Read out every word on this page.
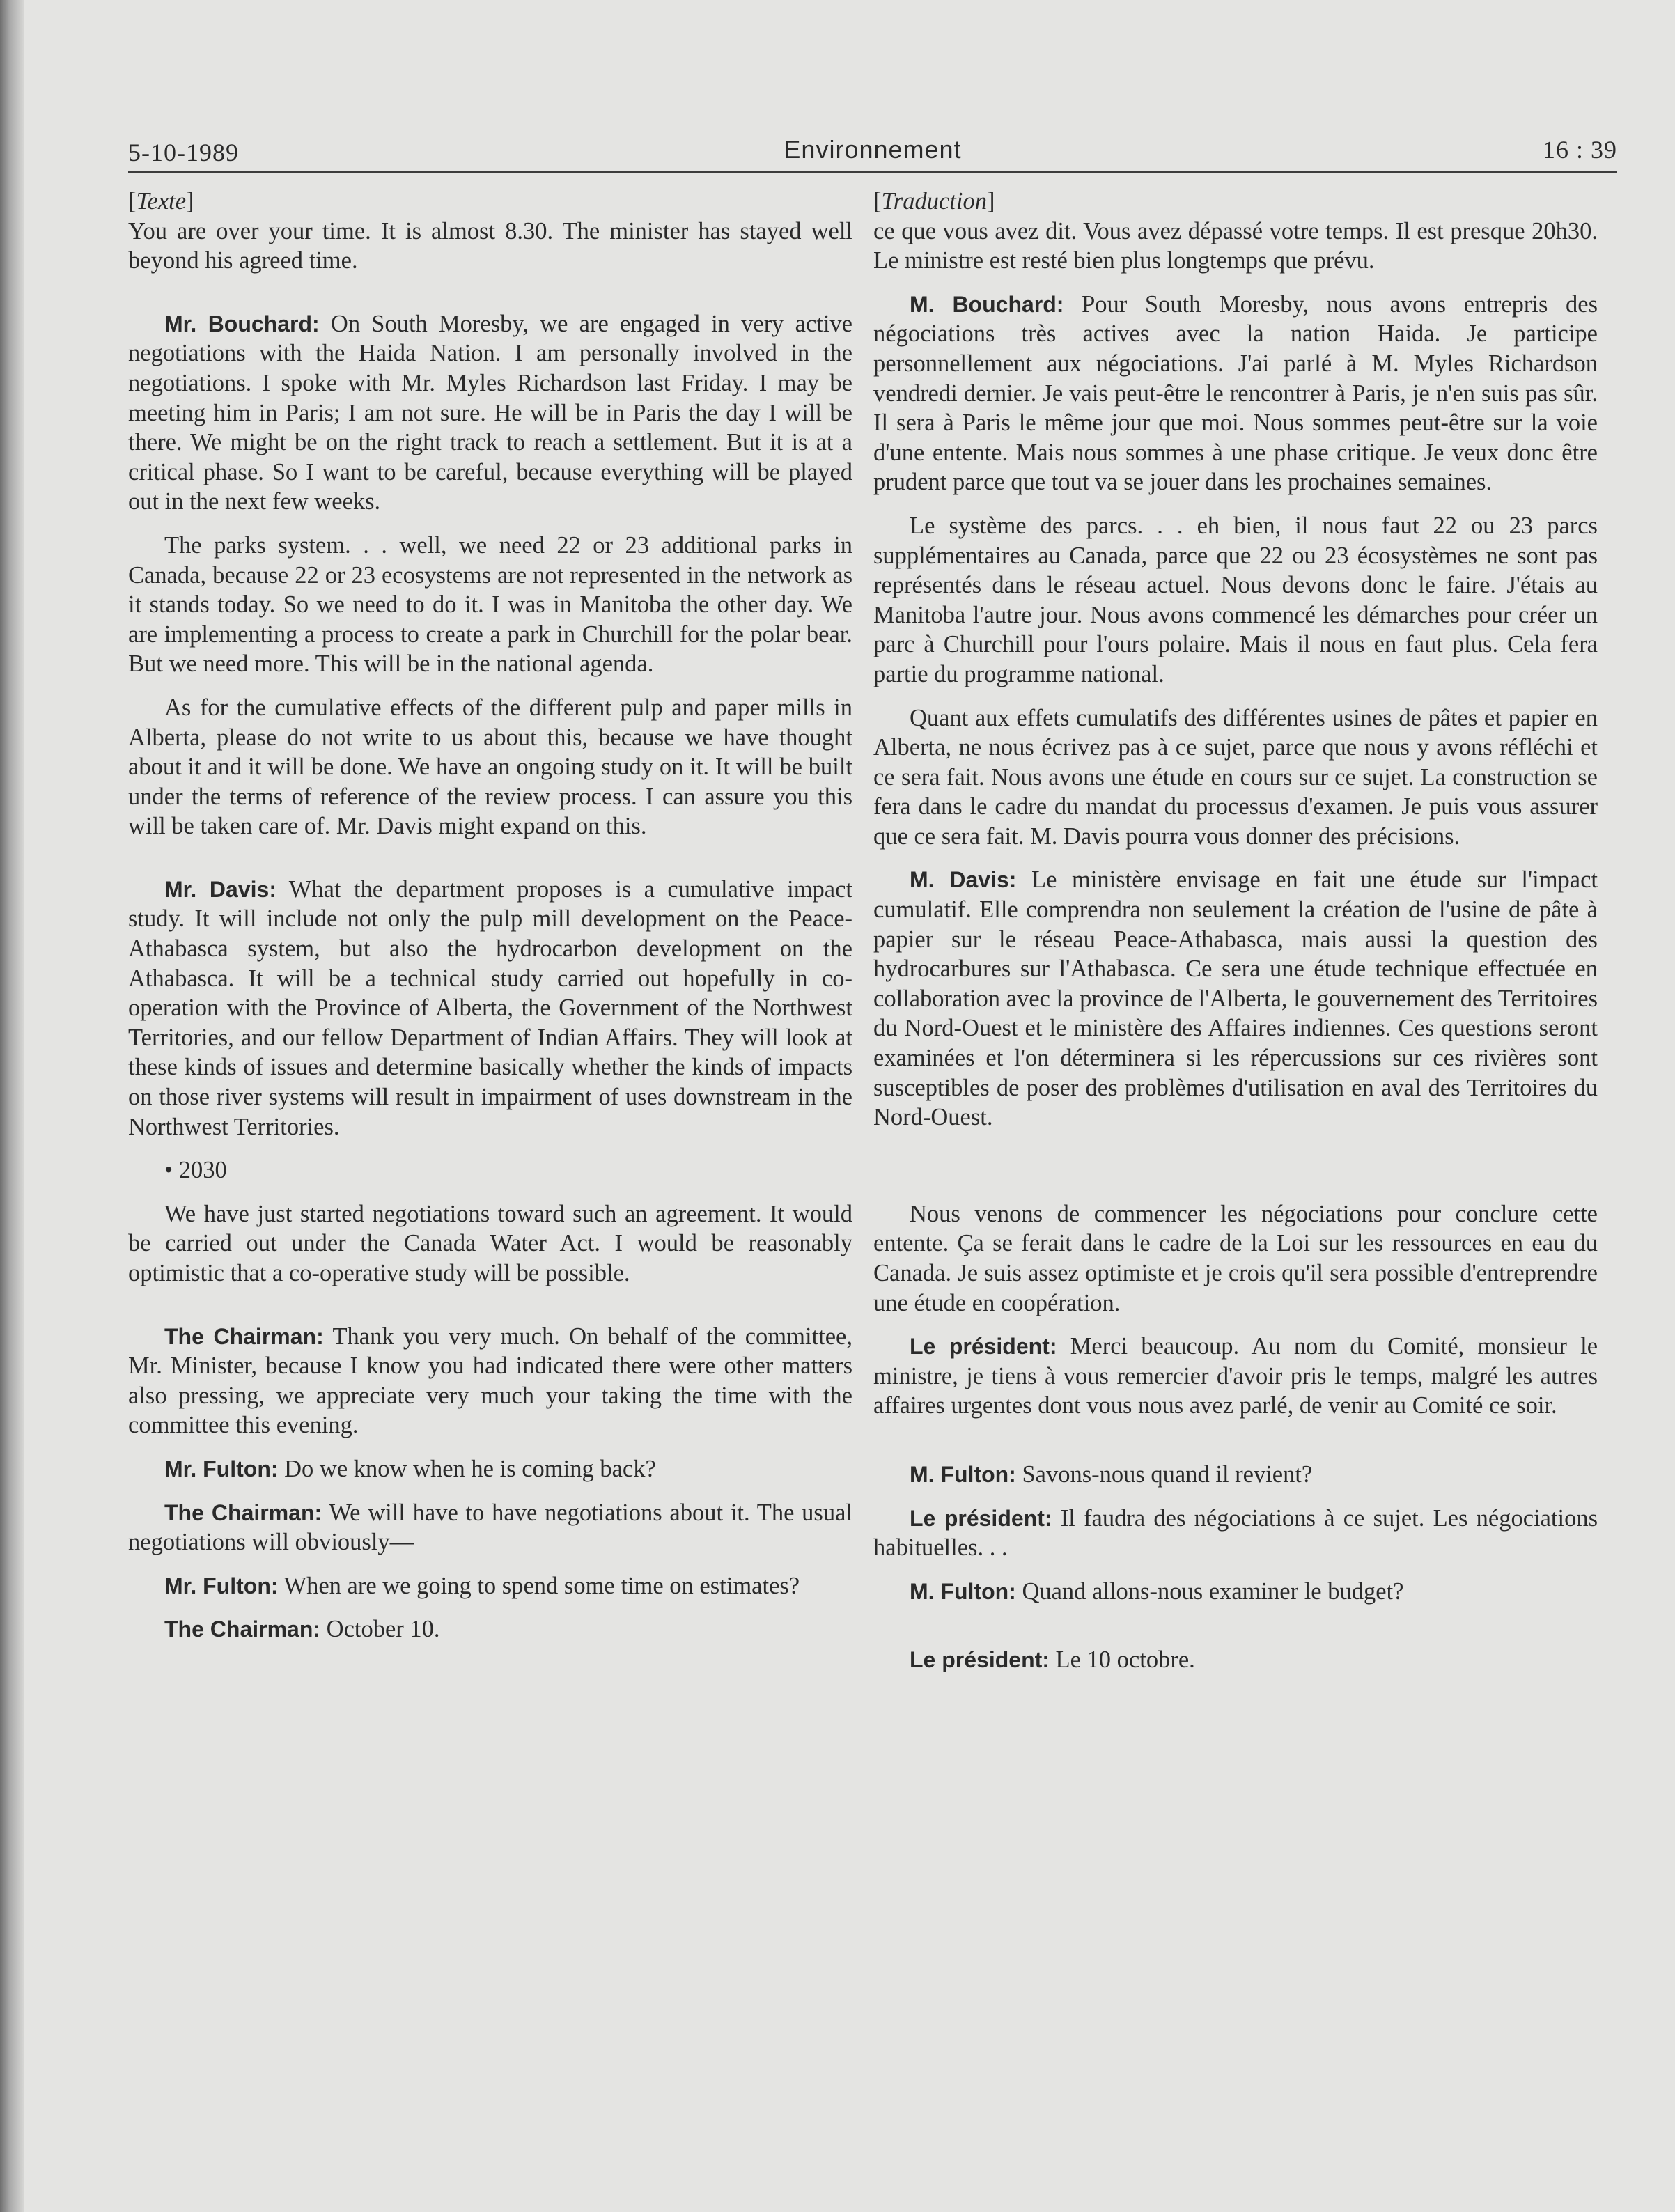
5-10-1989	Environnement	16 : 39

[Texte]

You are over your time. It is almost 8.30. The minister has stayed well beyond his agreed time.

Mr. Bouchard: On South Moresby, we are engaged in very active negotiations with the Haida Nation. I am personally involved in the negotiations. I spoke with Mr. Myles Richardson last Friday. I may be meeting him in Paris; I am not sure. He will be in Paris the day I will be there. We might be on the right track to reach a settlement. But it is at a critical phase. So I want to be careful, because everything will be played out in the next few weeks.

The parks system. . . well, we need 22 or 23 additional parks in Canada, because 22 or 23 ecosystems are not represented in the network as it stands today. So we need to do it. I was in Manitoba the other day. We are implementing a process to create a park in Churchill for the polar bear. But we need more. This will be in the national agenda.

As for the cumulative effects of the different pulp and paper mills in Alberta, please do not write to us about this, because we have thought about it and it will be done. We have an ongoing study on it. It will be built under the terms of reference of the review process. I can assure you this will be taken care of. Mr. Davis might expand on this.

Mr. Davis: What the department proposes is a cumulative impact study. It will include not only the pulp mill development on the Peace-Athabasca system, but also the hydrocarbon development on the Athabasca. It will be a technical study carried out hopefully in co-operation with the Province of Alberta, the Government of the Northwest Territories, and our fellow Department of Indian Affairs. They will look at these kinds of issues and determine basically whether the kinds of impacts on those river systems will result in impairment of uses downstream in the Northwest Territories.

• 2030

We have just started negotiations toward such an agreement. It would be carried out under the Canada Water Act. I would be reasonably optimistic that a co-operative study will be possible.

The Chairman: Thank you very much. On behalf of the committee, Mr. Minister, because I know you had indicated there were other matters also pressing, we appreciate very much your taking the time with the committee this evening.

Mr. Fulton: Do we know when he is coming back?

The Chairman: We will have to have negotiations about it. The usual negotiations will obviously—

Mr. Fulton: When are we going to spend some time on estimates?

The Chairman: October 10.

[Traduction]

ce que vous avez dit. Vous avez dépassé votre temps. Il est presque 20h30. Le ministre est resté bien plus longtemps que prévu.

M. Bouchard: Pour South Moresby, nous avons entrepris des négociations très actives avec la nation Haida. Je participe personnellement aux négociations. J'ai parlé à M. Myles Richardson vendredi dernier. Je vais peut-être le rencontrer à Paris, je n'en suis pas sûr. Il sera à Paris le même jour que moi. Nous sommes peut-être sur la voie d'une entente. Mais nous sommes à une phase critique. Je veux donc être prudent parce que tout va se jouer dans les prochaines semaines.

Le système des parcs. . . eh bien, il nous faut 22 ou 23 parcs supplémentaires au Canada, parce que 22 ou 23 écosystèmes ne sont pas représentés dans le réseau actuel. Nous devons donc le faire. J'étais au Manitoba l'autre jour. Nous avons commencé les démarches pour créer un parc à Churchill pour l'ours polaire. Mais il nous en faut plus. Cela fera partie du programme national.

Quant aux effets cumulatifs des différentes usines de pâtes et papier en Alberta, ne nous écrivez pas à ce sujet, parce que nous y avons réfléchi et ce sera fait. Nous avons une étude en cours sur ce sujet. La construction se fera dans le cadre du mandat du processus d'examen. Je puis vous assurer que ce sera fait. M. Davis pourra vous donner des précisions.

M. Davis: Le ministère envisage en fait une étude sur l'impact cumulatif. Elle comprendra non seulement la création de l'usine de pâte à papier sur le réseau Peace-Athabasca, mais aussi la question des hydrocarbures sur l'Athabasca. Ce sera une étude technique effectuée en collaboration avec la province de l'Alberta, le gouvernement des Territoires du Nord-Ouest et le ministère des Affaires indiennes. Ces questions seront examinées et l'on déterminera si les répercussions sur ces rivières sont susceptibles de poser des problèmes d'utilisation en aval des Territoires du Nord-Ouest.

Nous venons de commencer les négociations pour conclure cette entente. Ça se ferait dans le cadre de la Loi sur les ressources en eau du Canada. Je suis assez optimiste et je crois qu'il sera possible d'entreprendre une étude en coopération.

Le président: Merci beaucoup. Au nom du Comité, monsieur le ministre, je tiens à vous remercier d'avoir pris le temps, malgré les autres affaires urgentes dont vous nous avez parlé, de venir au Comité ce soir.

M. Fulton: Savons-nous quand il revient?

Le président: Il faudra des négociations à ce sujet. Les négociations habituelles. . .

M. Fulton: Quand allons-nous examiner le budget?

Le président: Le 10 octobre.
